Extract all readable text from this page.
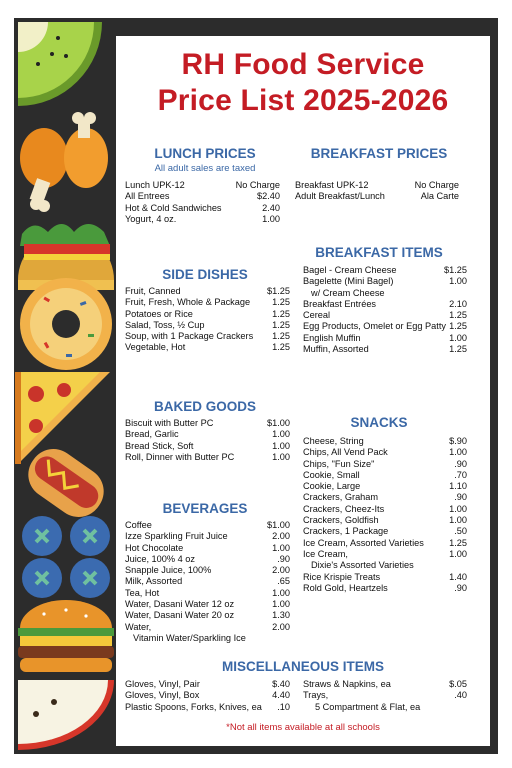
RH Food Service
Price List 2025-2026
LUNCH PRICES
All adult sales are taxed
Lunch UPK-12	No Charge
All Entrees	$2.40
Hot & Cold Sandwiches	2.40
Yogurt, 4 oz.	1.00
BREAKFAST PRICES
Breakfast UPK-12	No Charge
Adult Breakfast/Lunch	Ala Carte
BREAKFAST ITEMS
Bagel - Cream Cheese	$1.25
Bagelette (Mini Bagel)	1.00
w/ Cream Cheese
Breakfast Entrées	2.10
Cereal	1.25
Egg Products, Omelet or Egg Patty 1.25
English Muffin	1.00
Muffin, Assorted	1.25
SIDE DISHES
Fruit, Canned	$1.25
Fruit, Fresh, Whole & Package 1.25
Potatoes or Rice	1.25
Salad, Toss, ½ Cup	1.25
Soup, with 1 Package Crackers 1.25
Vegetable, Hot	1.25
BAKED GOODS
Biscuit with Butter PC	$1.00
Bread, Garlic	1.00
Bread Stick, Soft	1.00
Roll, Dinner with Butter PC	1.00
SNACKS
Cheese, String	$.90
Chips, All Vend Pack	1.00
Chips, "Fun Size"	.90
Cookie, Small	.70
Cookie, Large	1.10
Crackers, Graham	.90
Crackers, Cheez-Its	1.00
Crackers, Goldfish	1.00
Crackers, 1 Package	.50
Ice Cream, Assorted Varieties	1.25
Ice Cream,	1.00
Dixie's Assorted Varieties
Rice Krispie Treats	1.40
Rold Gold, Heartzels	.90
BEVERAGES
Coffee	$1.00
Izze Sparkling Fruit Juice	2.00
Hot Chocolate	1.00
Juice, 100% 4 oz	.90
Snapple Juice, 100%	2.00
Milk, Assorted	.65
Tea, Hot	1.00
Water, Dasani Water 12 oz	1.00
Water, Dasani Water 20 oz	1.30
Water,	2.00
Vitamin Water/Sparkling Ice
MISCELLANEOUS ITEMS
Gloves, Vinyl, Pair	$.40
Gloves, Vinyl, Box	4.40
Plastic Spoons, Forks, Knives, ea .10
Straws & Napkins, ea	$.05
Trays,	.40
5 Compartment & Flat, ea
*Not all items available at all schools
